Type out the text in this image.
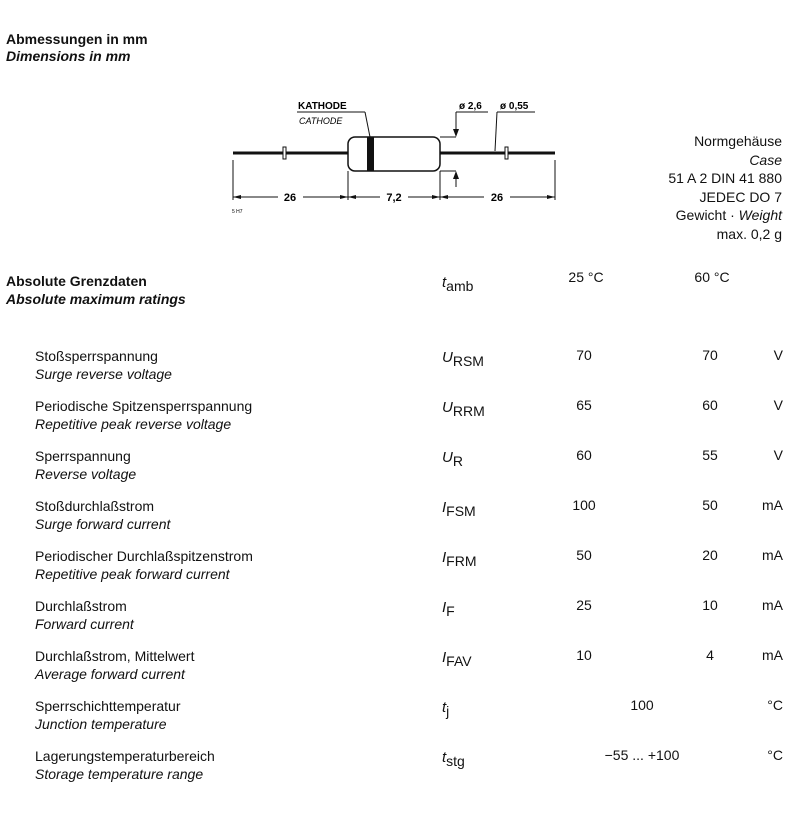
Abmessungen in mm
Dimensions in mm
KATHODE
CATHODE
ø 2,6 ø 0,55
26	7,2	26
5 H7
Normgehäuse
Case
51 A 2 DIN 41 880
JEDEC DO 7
Gewicht · Weight
max. 0,2 g
Absolute Grenzdaten
Absolute maximum ratings
$t_{amb}$
25 °C	60 °C
Stoßsperrspannung
Surge reverse voltage
$U_{RSM}$	70	70	V
Periodische Spitzensperrspannung
Repetitive peak reverse voltage
$U_{RRM}$	65	60	V
Sperrspannung
Reverse voltage
$U_R$	60	55	V
Stoßdurchlaßstrom
Surge forward current
$I_{FSM}$	100	50	mA
Periodischer Durchlaßspitzenstrom
Repetitive peak forward current
$I_{FRM}$	50	20	mA
Durchlaßstrom
Forward current
$I_F$	25	10	mA
Durchlaßstrom, Mittelwert
Average forward current
$I_{FAV}$	10	4	mA
Sperrschichttemperatur
Junction temperature
$t_j$	100	°C
Lagerungstemperaturbereich
Storage temperature range
$t_{stg}$	−55 ... +100	°C
